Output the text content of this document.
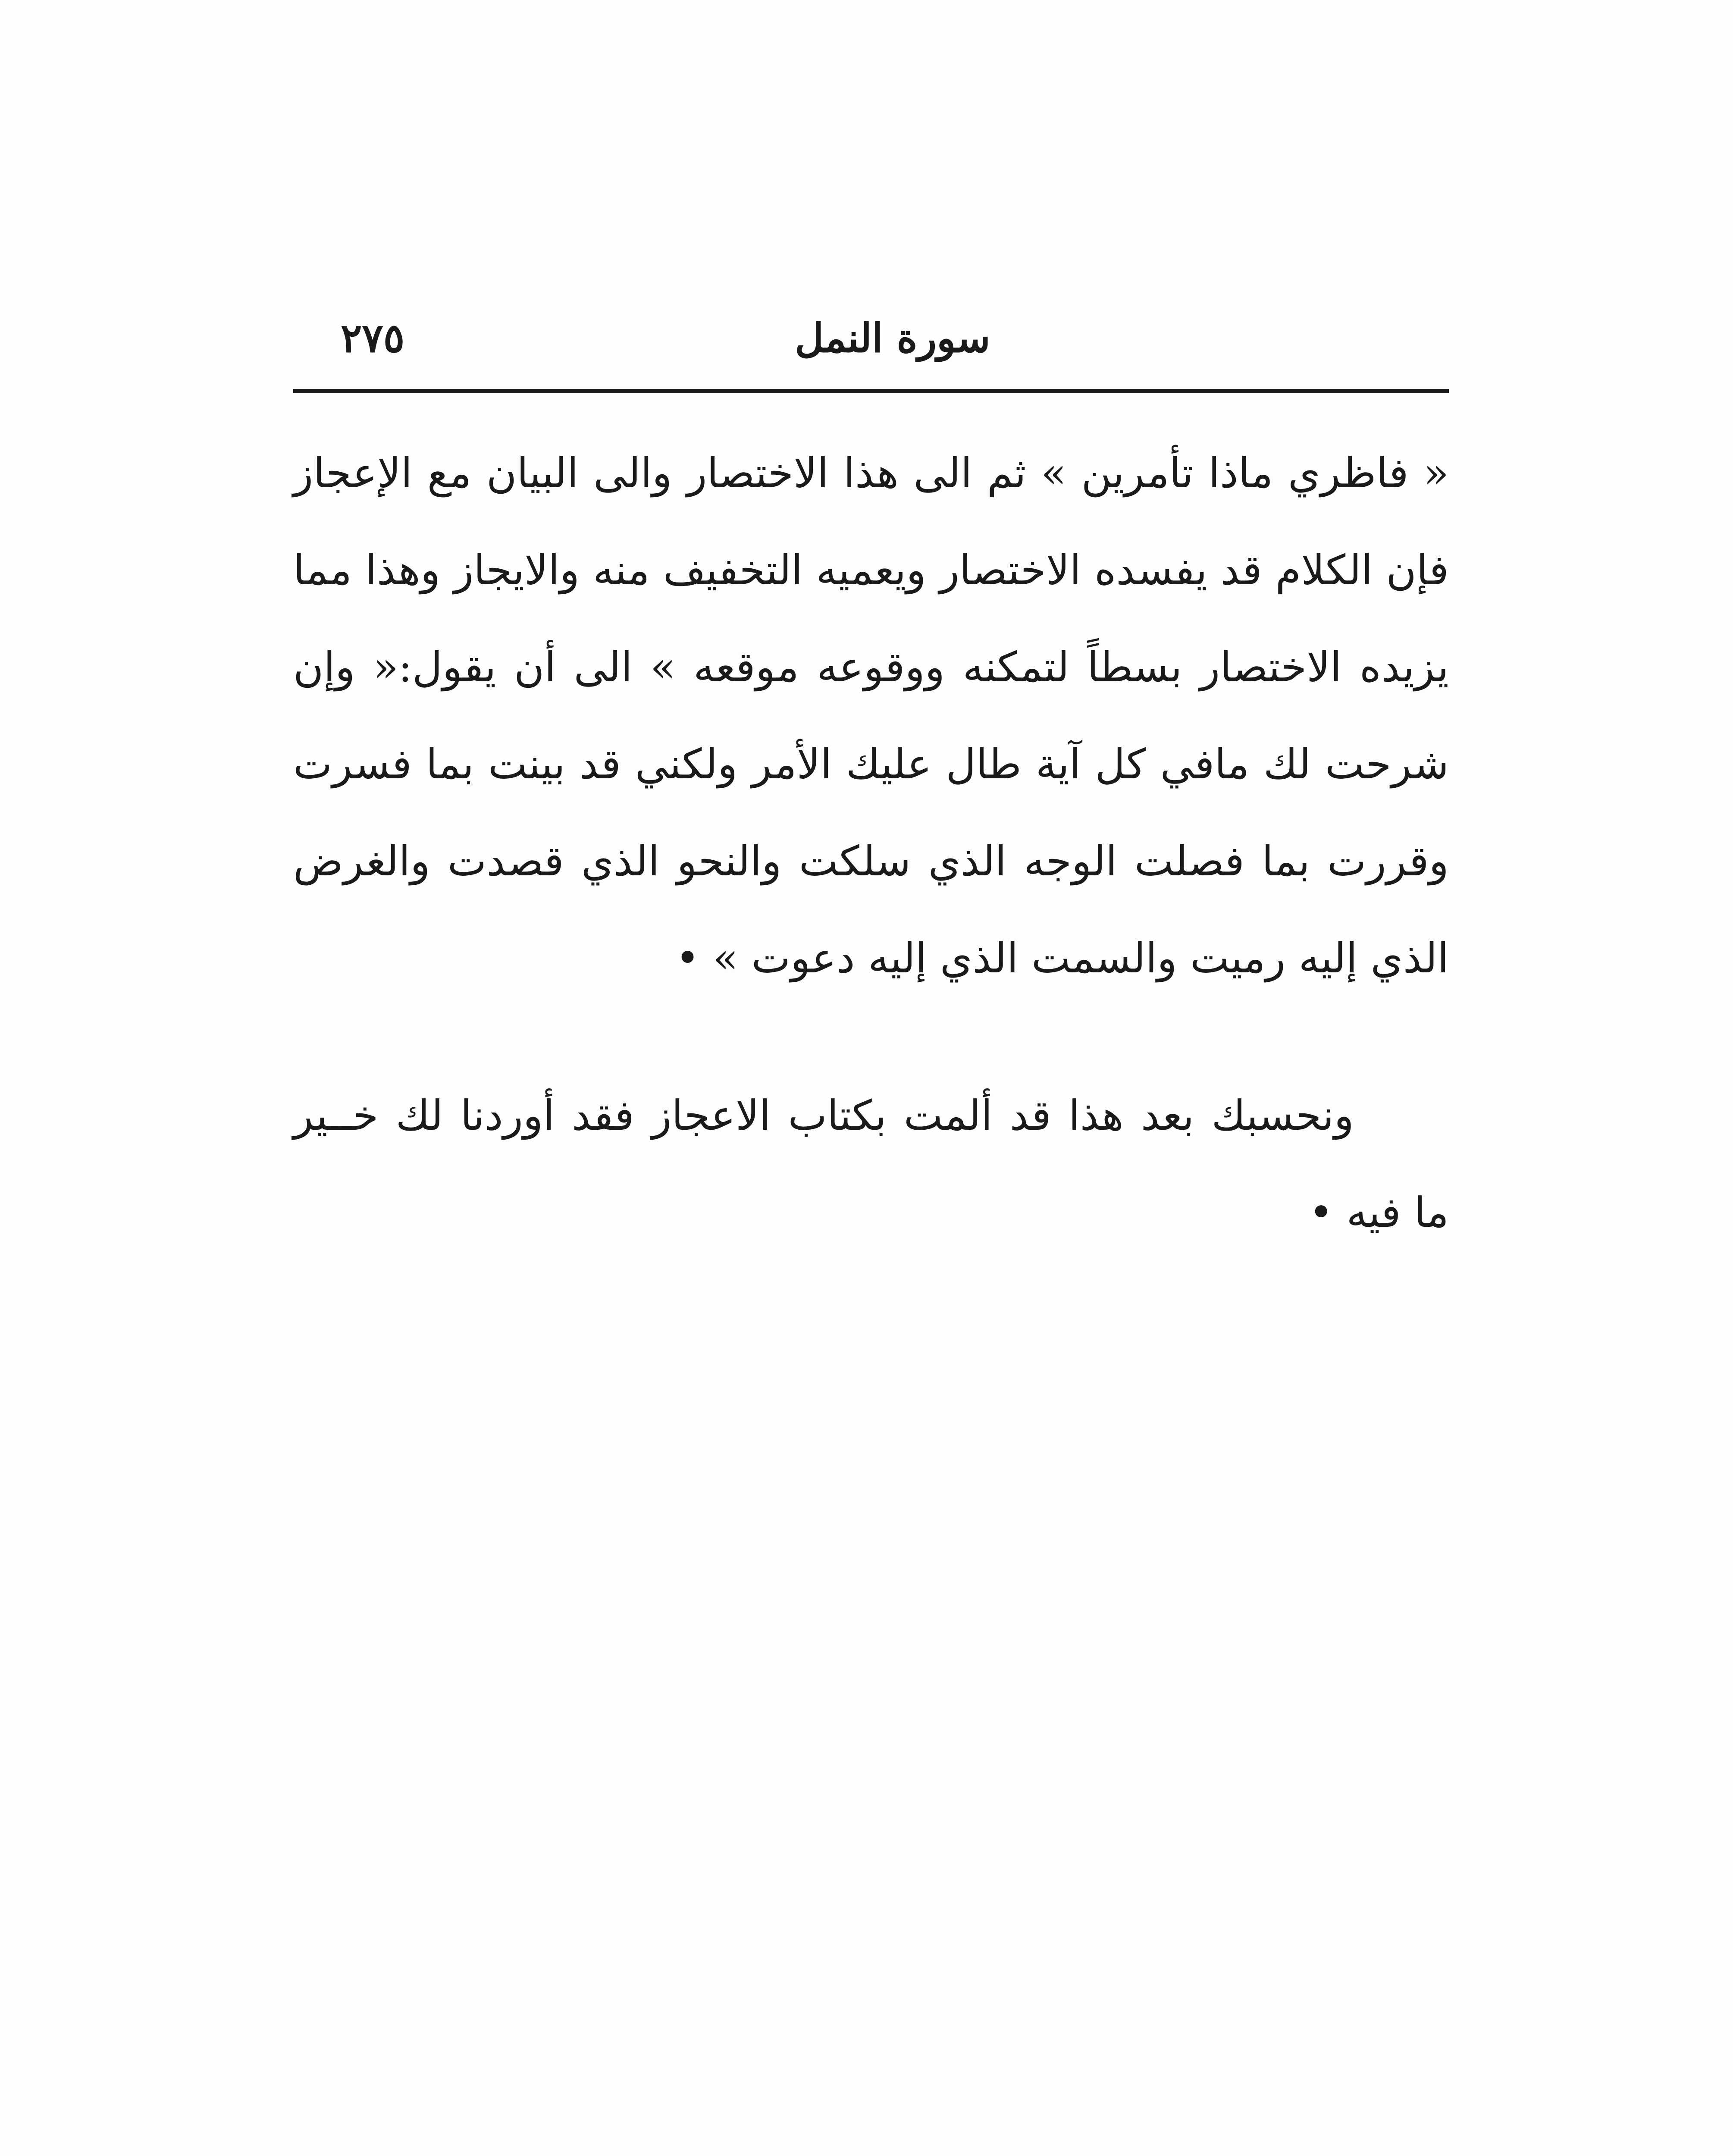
سورة النمل
٢٧٥

« فاظري ماذا تأمرين » ثم الى هذا الاختصار والى البيان مع الإعجاز فإن الكلام قد يفسده الاختصار ويعميه التخفيف منه والايجاز وهذا مما يزيده الاختصار بسطاً لتمكنه ووقوعه موقعه » الى أن يقول:« وإن شرحت لك مافي كل آية طال عليك الأمر ولكني قد بينت بما فسرت وقررت بما فصلت الوجه الذي سلكت والنحو الذي قصدت والغرض الذي إليه رميت والسمت الذي إليه دعوت » •

ونحسبك بعد هذا قد ألمت بكتاب الاعجاز فقد أوردنا لك خــير ما فيه •
